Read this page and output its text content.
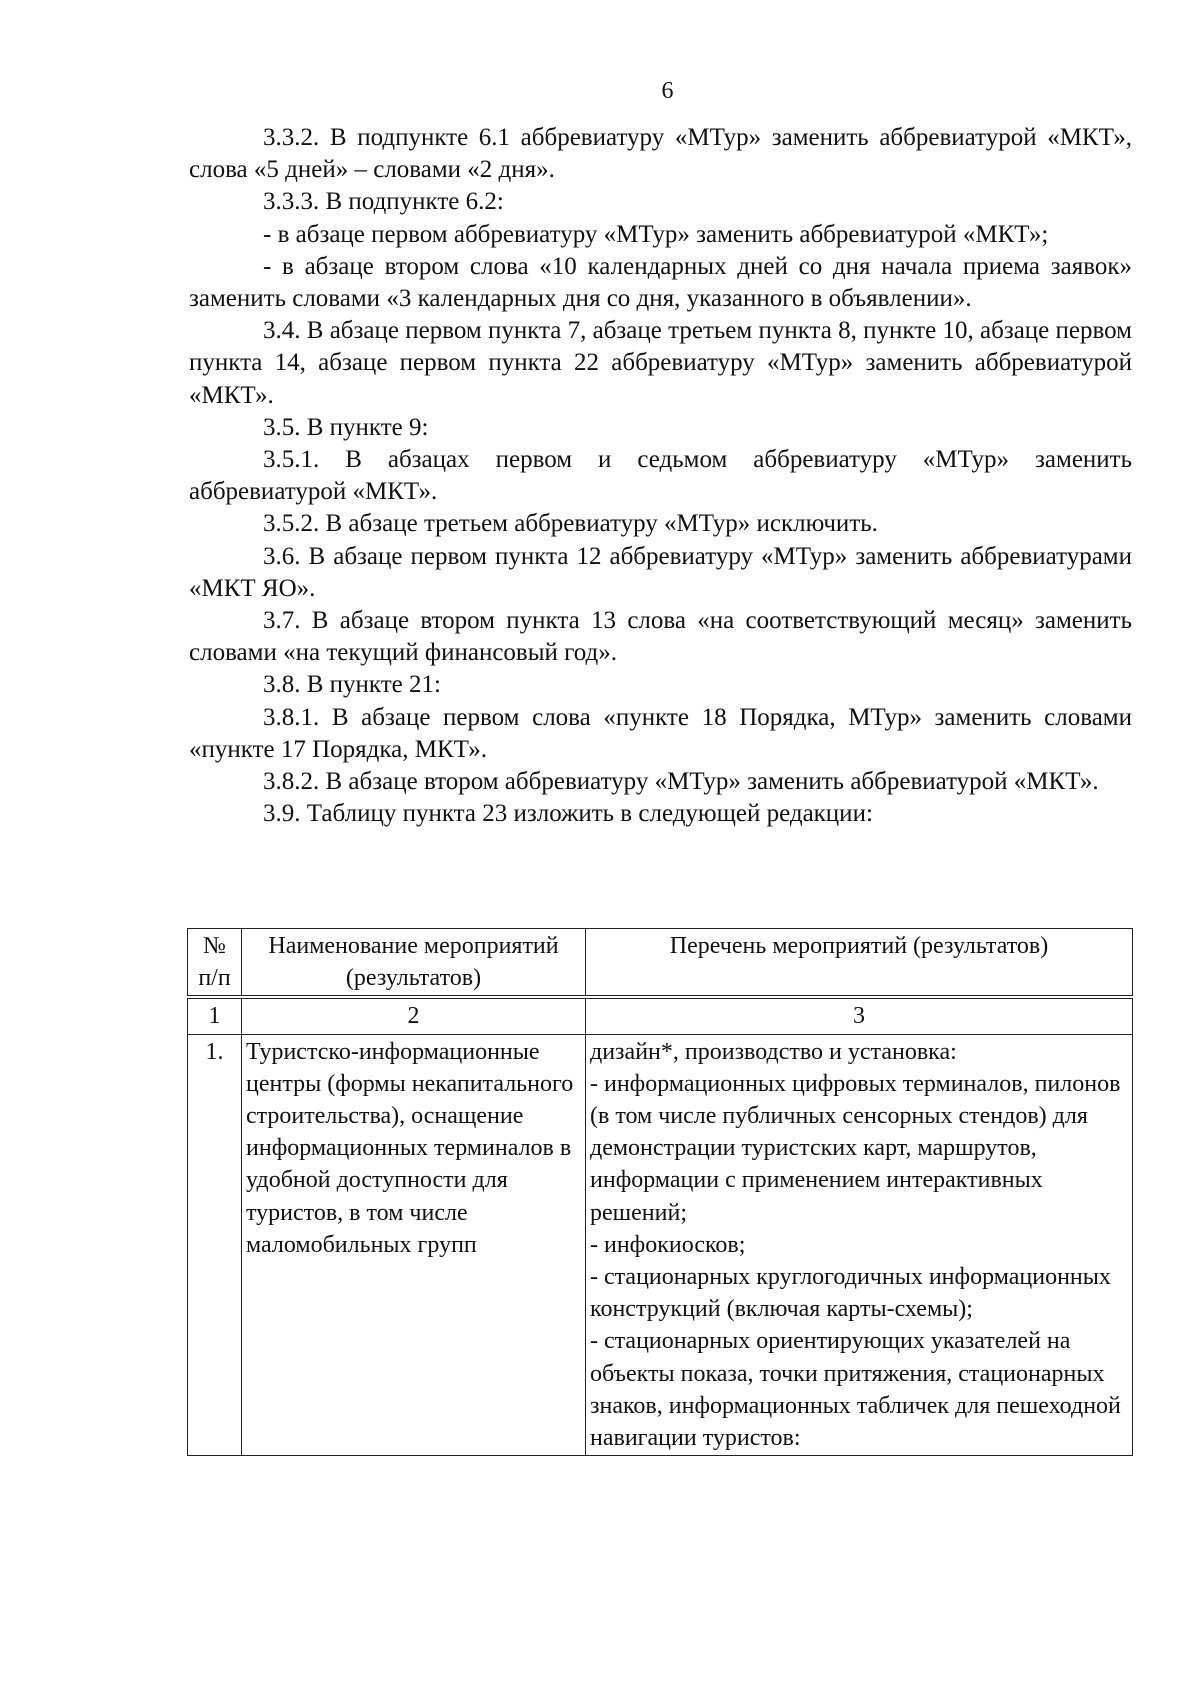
6

3.3.2. В подпункте 6.1 аббревиатуру «МТур» заменить аббревиатурой «МКТ», слова «5 дней» – словами «2 дня».

3.3.3. В подпункте 6.2:

- в абзаце первом аббревиатуру «МТур» заменить аббревиатурой «МКТ»;

- в абзаце втором слова «10 календарных дней со дня начала приема заявок» заменить словами «3 календарных дня со дня, указанного в объявлении».

3.4. В абзаце первом пункта 7, абзаце третьем пункта 8, пункте 10, абзаце первом пункта 14, абзаце первом пункта 22 аббревиатуру «МТур» заменить аббревиатурой «МКТ».

3.5. В пункте 9:

3.5.1. В абзацах первом и седьмом аббревиатуру «МТур» заменить аббревиатурой «МКТ».

3.5.2. В абзаце третьем аббревиатуру «МТур» исключить.

3.6. В абзаце первом пункта 12 аббревиатуру «МТур» заменить аббревиатурами «МКТ ЯО».

3.7. В абзаце втором пункта 13 слова «на соответствующий месяц» заменить словами «на текущий финансовый год».

3.8. В пункте 21:

3.8.1. В абзаце первом слова «пункте 18 Порядка, МТур» заменить словами «пункте 17 Порядка, МКТ».

3.8.2. В абзаце втором аббревиатуру «МТур» заменить аббревиатурой «МКТ».

3.9. Таблицу пункта 23 изложить в следующей редакции:

№ п/п	Наименование мероприятий (результатов)	Перечень мероприятий (результатов)
1	2	3
1.	Туристско-информационные центры (формы некапитального строительства), оснащение информационных терминалов в удобной доступности для туристов, в том числе маломобильных групп	дизайн*, производство и установка:
- информационных цифровых терминалов, пилонов (в том числе публичных сенсорных стендов) для демонстрации туристских карт, маршрутов, информации с применением интерактивных решений;
- инфокиосков;
- стационарных круглогодичных информационных конструкций (включая карты-схемы);
- стационарных ориентирующих указателей на объекты показа, точки притяжения, стационарных знаков, информационных табличек для пешеходной навигации туристов:
